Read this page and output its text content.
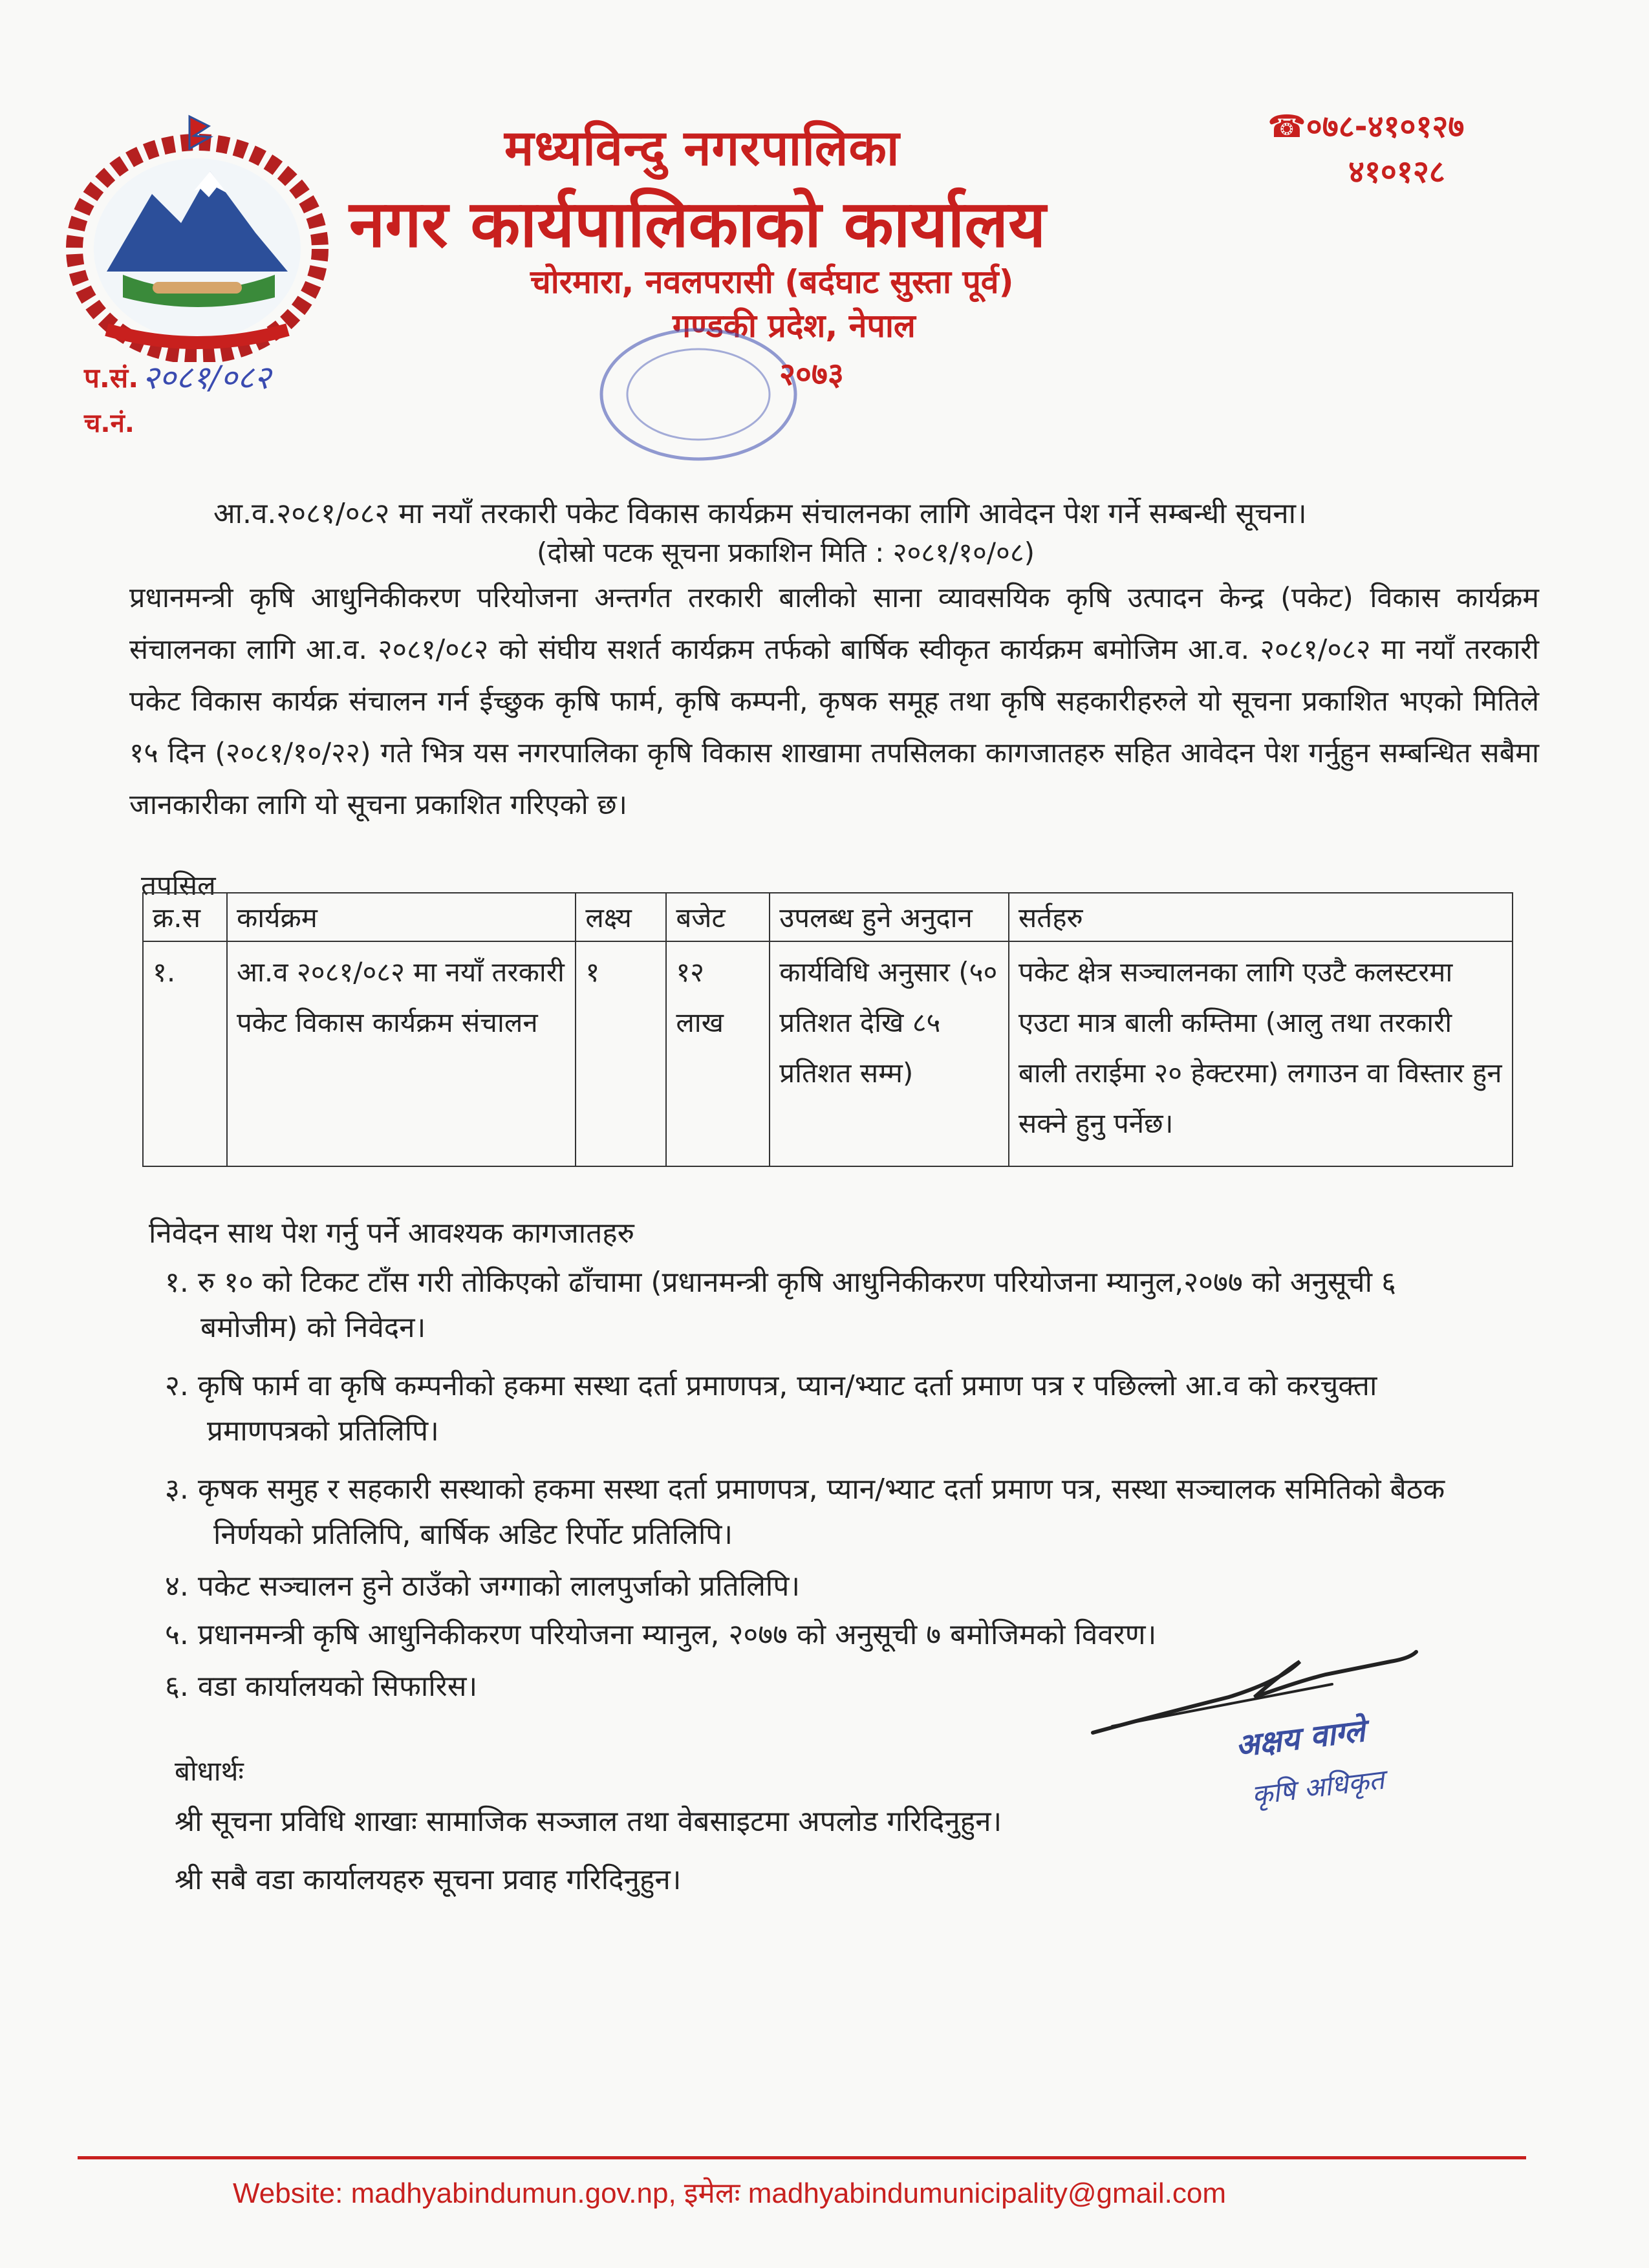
मध्यविन्दु नगरपालिका
नगर कार्यपालिकाको कार्यालय
चोरमारा, नवलपरासी (बर्दघाट सुस्ता पूर्व)
गण्डकी प्रदेश, नेपाल
☎०७८-४१०१२७
४१०१२८
प.सं. २०८१/०८२
च.नं.
२०७३
आ.व.२०८१/०८२ मा नयाँ तरकारी पकेट विकास कार्यक्रम संचालनका लागि आवेदन पेश गर्ने सम्बन्धी सूचना।
(दोस्रो पटक सूचना प्रकाशिन मिति : २०८१/१०/०८)
प्रधानमन्त्री कृषि आधुनिकीकरण परियोजना अन्तर्गत तरकारी बालीको साना व्यावसयिक कृषि उत्पादन केन्द्र (पकेट) विकास कार्यक्रम संचालनका लागि आ.व. २०८१/०८२ को संघीय सशर्त कार्यक्रम तर्फको बार्षिक स्वीकृत कार्यक्रम बमोजिम आ.व. २०८१/०८२ मा नयाँ तरकारी पकेट विकास कार्यक्र संचालन गर्न ईच्छुक कृषि फार्म, कृषि कम्पनी, कृषक समूह तथा कृषि सहकारीहरुले यो सूचना प्रकाशित भएको मितिले १५ दिन (२०८१/१०/२२) गते भित्र यस नगरपालिका कृषि विकास शाखामा तपसिलका कागजातहरु सहित आवेदन पेश गर्नुहुन सम्बन्धित सबैमा जानकारीका लागि यो सूचना प्रकाशित गरिएको छ।
तपसिल
क्र.स	कार्यक्रम	लक्ष्य	बजेट	उपलब्ध हुने अनुदान	सर्तहरु
१.	आ.व २०८१/०८२ मा नयाँ तरकारी पकेट विकास कार्यक्रम संचालन	१	१२ लाख	कार्यविधि अनुसार (५० प्रतिशत देखि ८५ प्रतिशत सम्म)	पकेट क्षेत्र सञ्चालनका लागि एउटै कलस्टरमा एउटा मात्र बाली कम्तिमा (आलु तथा तरकारी बाली तराईमा २० हेक्टरमा) लगाउन वा विस्तार हुन सक्ने हुनु पर्नेछ।
निवेदन साथ पेश गर्नु पर्ने आवश्यक कागजातहरु
१. रु १० को टिकट टाँस गरी तोकिएको ढाँचामा (प्रधानमन्त्री कृषि आधुनिकीकरण परियोजना म्यानुल,२०७७ को अनुसूची ६
बमोजीम) को निवेदन।
२. कृषि फार्म वा कृषि कम्पनीको हकमा सस्था दर्ता प्रमाणपत्र, प्यान/भ्याट दर्ता प्रमाण पत्र र पछिल्लो आ.व को करचुक्ता
प्रमाणपत्रको प्रतिलिपि।
३. कृषक समुह र सहकारी सस्थाको हकमा सस्था दर्ता प्रमाणपत्र, प्यान/भ्याट दर्ता प्रमाण पत्र, सस्था सञ्चालक समितिको बैठक
निर्णयको प्रतिलिपि, बार्षिक अडिट रिर्पोट प्रतिलिपि।
४. पकेट सञ्चालन हुने ठाउँको जग्गाको लालपुर्जाको प्रतिलिपि।
५. प्रधानमन्त्री कृषि आधुनिकीकरण परियोजना म्यानुल, २०७७ को अनुसूची ७ बमोजिमको विवरण।
६. वडा कार्यालयको सिफारिस।
अक्षय वाग्ले
कृषि अधिकृत
बोधार्थः
श्री सूचना प्रविधि शाखाः सामाजिक सञ्जाल तथा वेबसाइटमा अपलोड गरिदिनुहुन।
श्री सबै वडा कार्यालयहरु सूचना प्रवाह गरिदिनुहुन।
Website: madhyabindumun.gov.np, इमेलः madhyabindumunicipality@gmail.com
